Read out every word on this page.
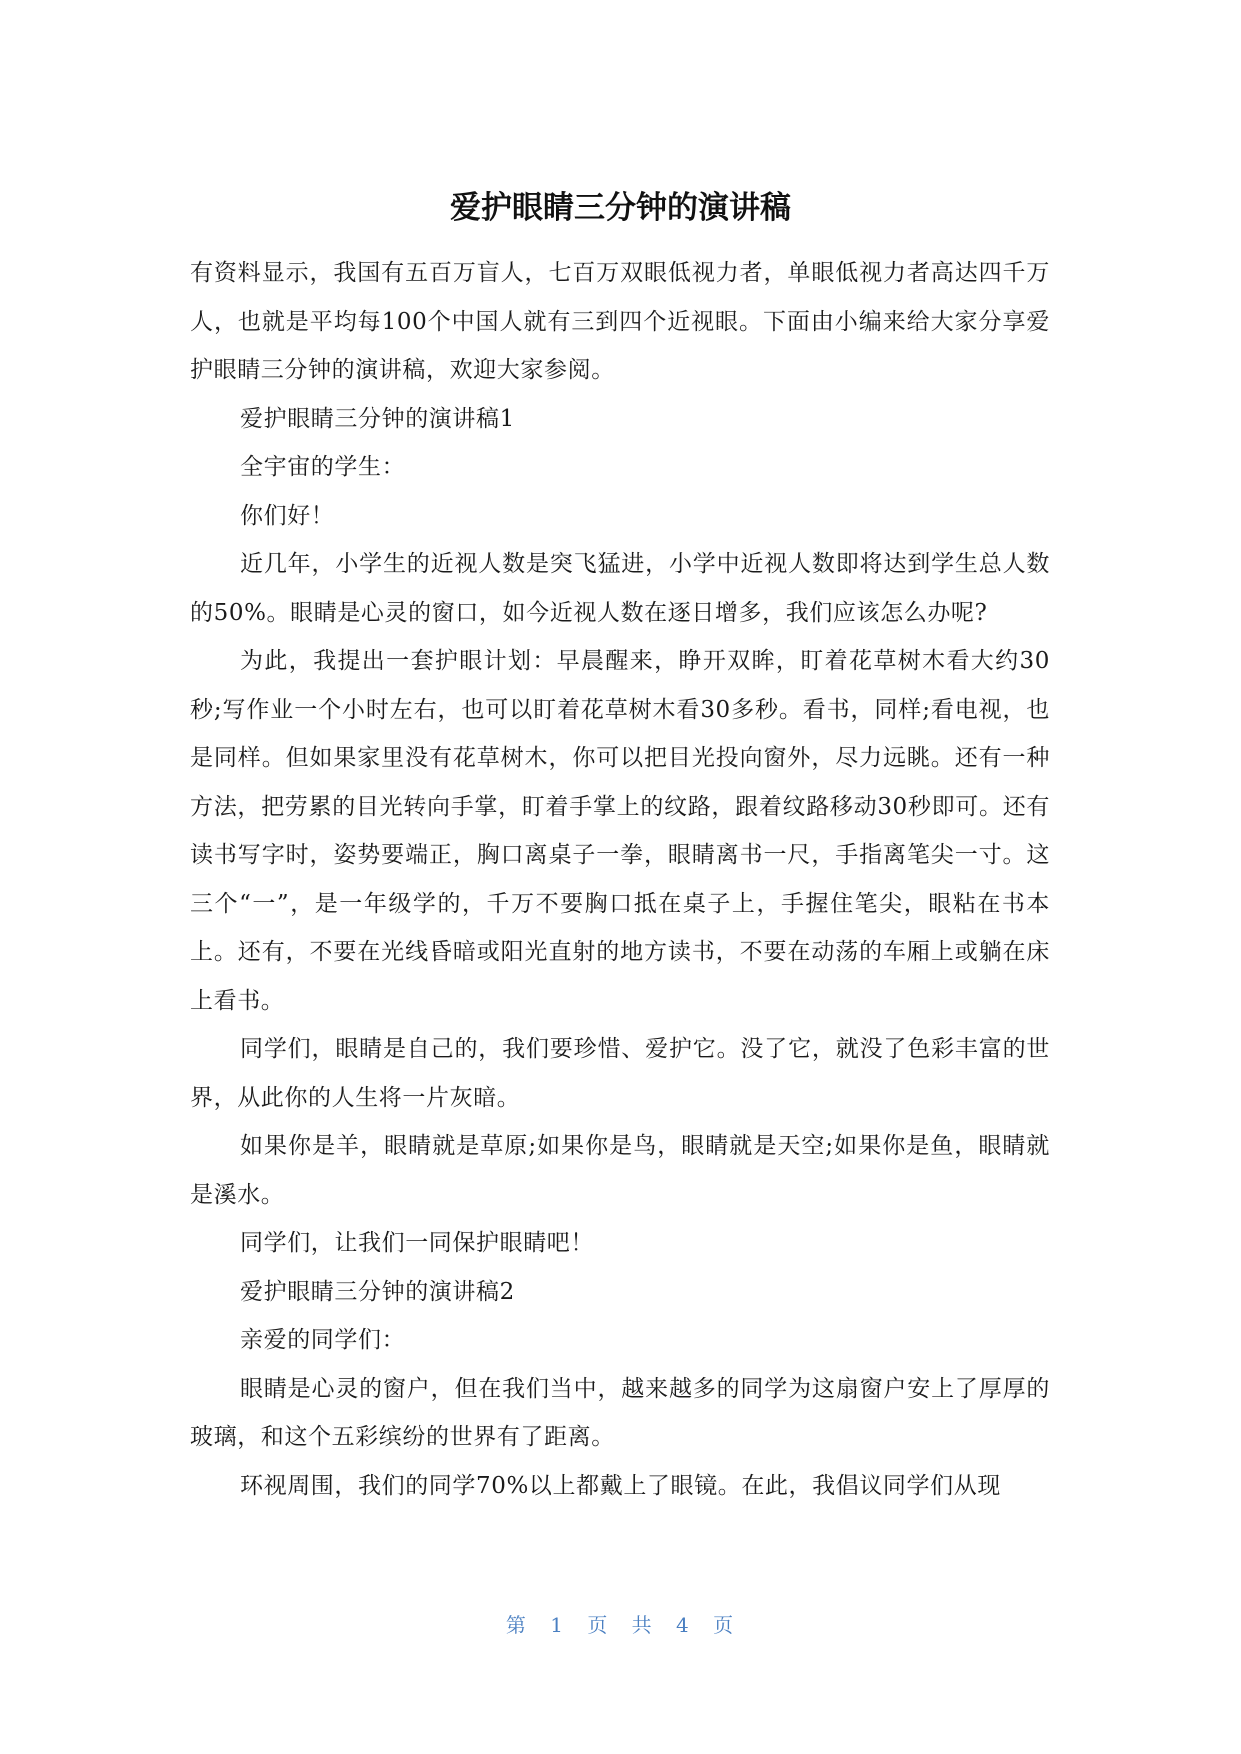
爱护眼睛三分钟的演讲稿

有资料显示，我国有五百万盲人，七百万双眼低视力者，单眼低视力者高达四千万人，也就是平均每100个中国人就有三到四个近视眼。下面由小编来给大家分享爱护眼睛三分钟的演讲稿，欢迎大家参阅。

爱护眼睛三分钟的演讲稿1

全宇宙的学生：

你们好！

近几年，小学生的近视人数是突飞猛进，小学中近视人数即将达到学生总人数的50%。眼睛是心灵的窗口，如今近视人数在逐日增多，我们应该怎么办呢?

为此，我提出一套护眼计划：早晨醒来，睁开双眸，盯着花草树木看大约30秒;写作业一个小时左右，也可以盯着花草树木看30多秒。看书，同样;看电视，也是同样。但如果家里没有花草树木，你可以把目光投向窗外，尽力远眺。还有一种方法，把劳累的目光转向手掌，盯着手掌上的纹路，跟着纹路移动30秒即可。还有读书写字时，姿势要端正，胸口离桌子一拳，眼睛离书一尺，手指离笔尖一寸。这三个“一”，是一年级学的，千万不要胸口抵在桌子上，手握住笔尖，眼粘在书本上。还有，不要在光线昏暗或阳光直射的地方读书，不要在动荡的车厢上或躺在床上看书。

同学们，眼睛是自己的，我们要珍惜、爱护它。没了它，就没了色彩丰富的世界，从此你的人生将一片灰暗。

如果你是羊，眼睛就是草原;如果你是鸟，眼睛就是天空;如果你是鱼，眼睛就是溪水。

同学们，让我们一同保护眼睛吧！

爱护眼睛三分钟的演讲稿2

亲爱的同学们：

眼睛是心灵的窗户，但在我们当中，越来越多的同学为这扇窗户安上了厚厚的玻璃，和这个五彩缤纷的世界有了距离。

环视周围，我们的同学70%以上都戴上了眼镜。在此，我倡议同学们从现

第 1 页 共 4 页
